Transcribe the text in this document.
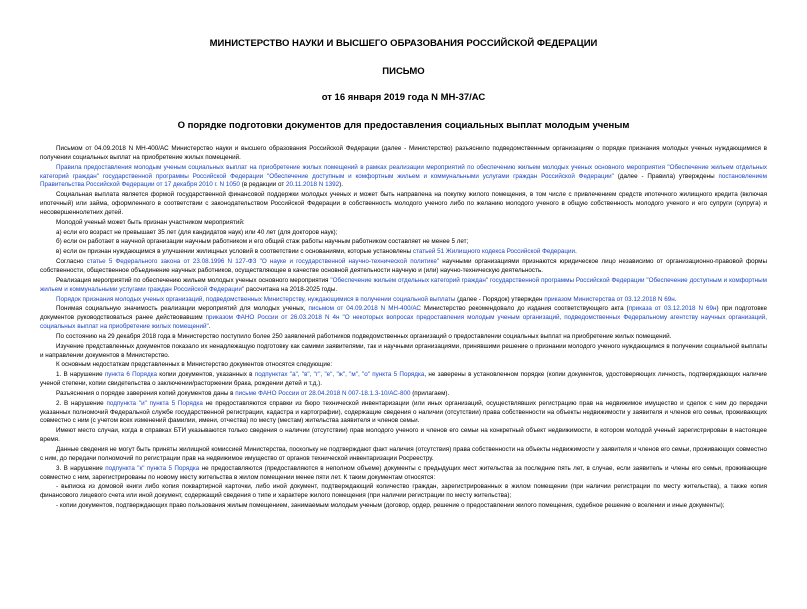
МИНИСТЕРСТВО НАУКИ И ВЫСШЕГО ОБРАЗОВАНИЯ РОССИЙСКОЙ ФЕДЕРАЦИИ
ПИСЬМО
от 16 января 2019 года N МН-37/АС
О порядке подготовки документов для предоставления социальных выплат молодым ученым

Письмом от 04.09.2018 N МН-400/АС Министерство науки и высшего образования Российской Федерации (далее - Министерство) разъяснило подведомственным организациям о порядке признания молодых ученых нуждающимися в получении социальных выплат на приобретение жилых помещений.

Правила предоставления молодым ученым социальных выплат на приобретение жилых помещений в рамках реализации мероприятий по обеспечению жильем молодых ученых основного мероприятия "Обеспечение жильем отдельных категорий граждан" государственной программы Российской Федерации "Обеспечение доступным и комфортным жильем и коммунальными услугами граждан Российской Федерации" (далее - Правила) утверждены постановлением Правительства Российской Федерации от 17 декабря 2010 г. N 1050 (в редакции от 20.11.2018 N 1392).

Социальная выплата является формой государственной финансовой поддержки молодых ученых и может быть направлена на покупку жилого помещения, в том числе с привлечением средств ипотечного жилищного кредита (включая ипотечный) или займа, оформленного в соответствии с законодательством Российской Федерации в собственность молодого ученого либо по желанию молодого ученого в общую собственность молодого ученого и его супруги (супруга) и несовершеннолетних детей.

Молодой ученый может быть признан участником мероприятий:

а) если его возраст не превышает 35 лет (для кандидатов наук) или 40 лет (для докторов наук);

б) если он работает в научной организации научным работником и его общий стаж работы научным работником составляет не менее 5 лет;

в) если он признан нуждающимся в улучшении жилищных условий в соответствии с основаниями, которые установлены статьей 51 Жилищного кодекса Российской Федерации.

Согласно статье 5 Федерального закона от 23.08.1996 N 127-ФЗ "О науке и государственной научно-технической политике" научными организациями признаются юридическое лицо независимо от организационно-правовой формы собственности, общественное объединение научных работников, осуществляющее в качестве основной деятельности научную и (или) научно-техническую деятельность.

Реализация мероприятий по обеспечению жильем молодых ученых основного мероприятия "Обеспечение жильем отдельных категорий граждан" государственной программы Российской Федерации "Обеспечение доступным и комфортным жильем и коммунальными услугами граждан Российской Федерации" рассчитана на 2018-2025 годы.

Порядок признания молодых ученых организаций, подведомственных Министерству, нуждающимися в получении социальной выплаты (далее - Порядок) утвержден приказом Министерства от 03.12.2018 N 69н.

Понимая социальную значимость реализации мероприятий для молодых ученых, письмом от 04.09.2018 N МН-400/АС Министерство рекомендовало до издания соответствующего акта (приказа от 03.12.2018 N 69н) при подготовке документов руководствоваться ранее действовавшим приказом ФАНО России от 26.03.2018 N 4н "О некоторых вопросах предоставления молодым ученым организаций, подведомственных Федеральному агентству научных организаций, социальных выплат на приобретение жилых помещений".

По состоянию на 29 декабря 2018 года в Министерство поступило более 250 заявлений работников подведомственных организаций о предоставлении социальных выплат на приобретение жилых помещений.

Изучение представленных документов показало их ненадлежащую подготовку как самими заявителями, так и научными организациями, принявшими решение о признании молодого ученого нуждающимся в получении социальной выплаты и направлении документов в Министерство.

К основным недостаткам представленных в Министерство документов относятся следующие:

1. В нарушение пункта 6 Порядка копии документов, указанных в подпунктах "а", "в", "г", "е", "ж", "м", "о" пункта 5 Порядка, не заверены в установленном порядке (копии документов, удостоверяющих личность, подтверждающих наличие ученой степени, копии свидетельства о заключении/расторжении брака, рождении детей и т.д.).

Разъяснения о порядке заверения копий документов даны в письме ФАНО России от 28.04.2018 N 007-18.1.3-10/АС-800 (прилагаем).

2. В нарушение подпункта "и" пункта 5 Порядка не предоставляются справки из бюро технической инвентаризации (или иных организаций, осуществлявших регистрацию прав на недвижимое имущество и сделок с ним до передачи указанных полномочий Федеральной службе государственной регистрации, кадастра и картографии), содержащие сведения о наличии (отсутствии) права собственности на объекты недвижимости у заявителя и членов его семьи, проживающих совместно с ним (с учетом всех изменений фамилии, имени, отчества) по месту (местам) жительства заявителя и членов семьи.

Имеют место случаи, когда в справках БТИ указываются только сведения о наличии (отсутствии) прав молодого ученого и членов его семьи на конкретный объект недвижимости, в котором молодой ученый зарегистрирован в настоящее время.

Данные сведения не могут быть приняты жилищной комиссией Министерства, поскольку не подтверждают факт наличия (отсутствия) права собственности на объекты недвижимости у заявителя и членов его семьи, проживающих совместно с ним, до передачи полномочий по регистрации прав на недвижимое имущество от органов технической инвентаризации Росреестру.

3. В нарушение подпункта "к" пункта 5 Порядка не предоставляются (предоставляются в неполном объеме) документы с предыдущих мест жительства за последние пять лет, в случае, если заявитель и члены его семьи, проживающие совместно с ним, зарегистрированы по новому месту жительства в жилом помещении менее пяти лет. К таким документам относятся:

- выписка из домовой книги либо копия поквартирной карточки, либо иной документ, подтверждающий количество граждан, зарегистрированных в жилом помещении (при наличии регистрации по месту жительства), а также копия финансового лицевого счета или иной документ, содержащий сведения о типе и характере жилого помещения (при наличии регистрации по месту жительства);

- копии документов, подтверждающих право пользования жилым помещением, занимаемым молодым ученым (договор, ордер, решение о предоставлении жилого помещения, судебное решение о вселении и иные документы);
